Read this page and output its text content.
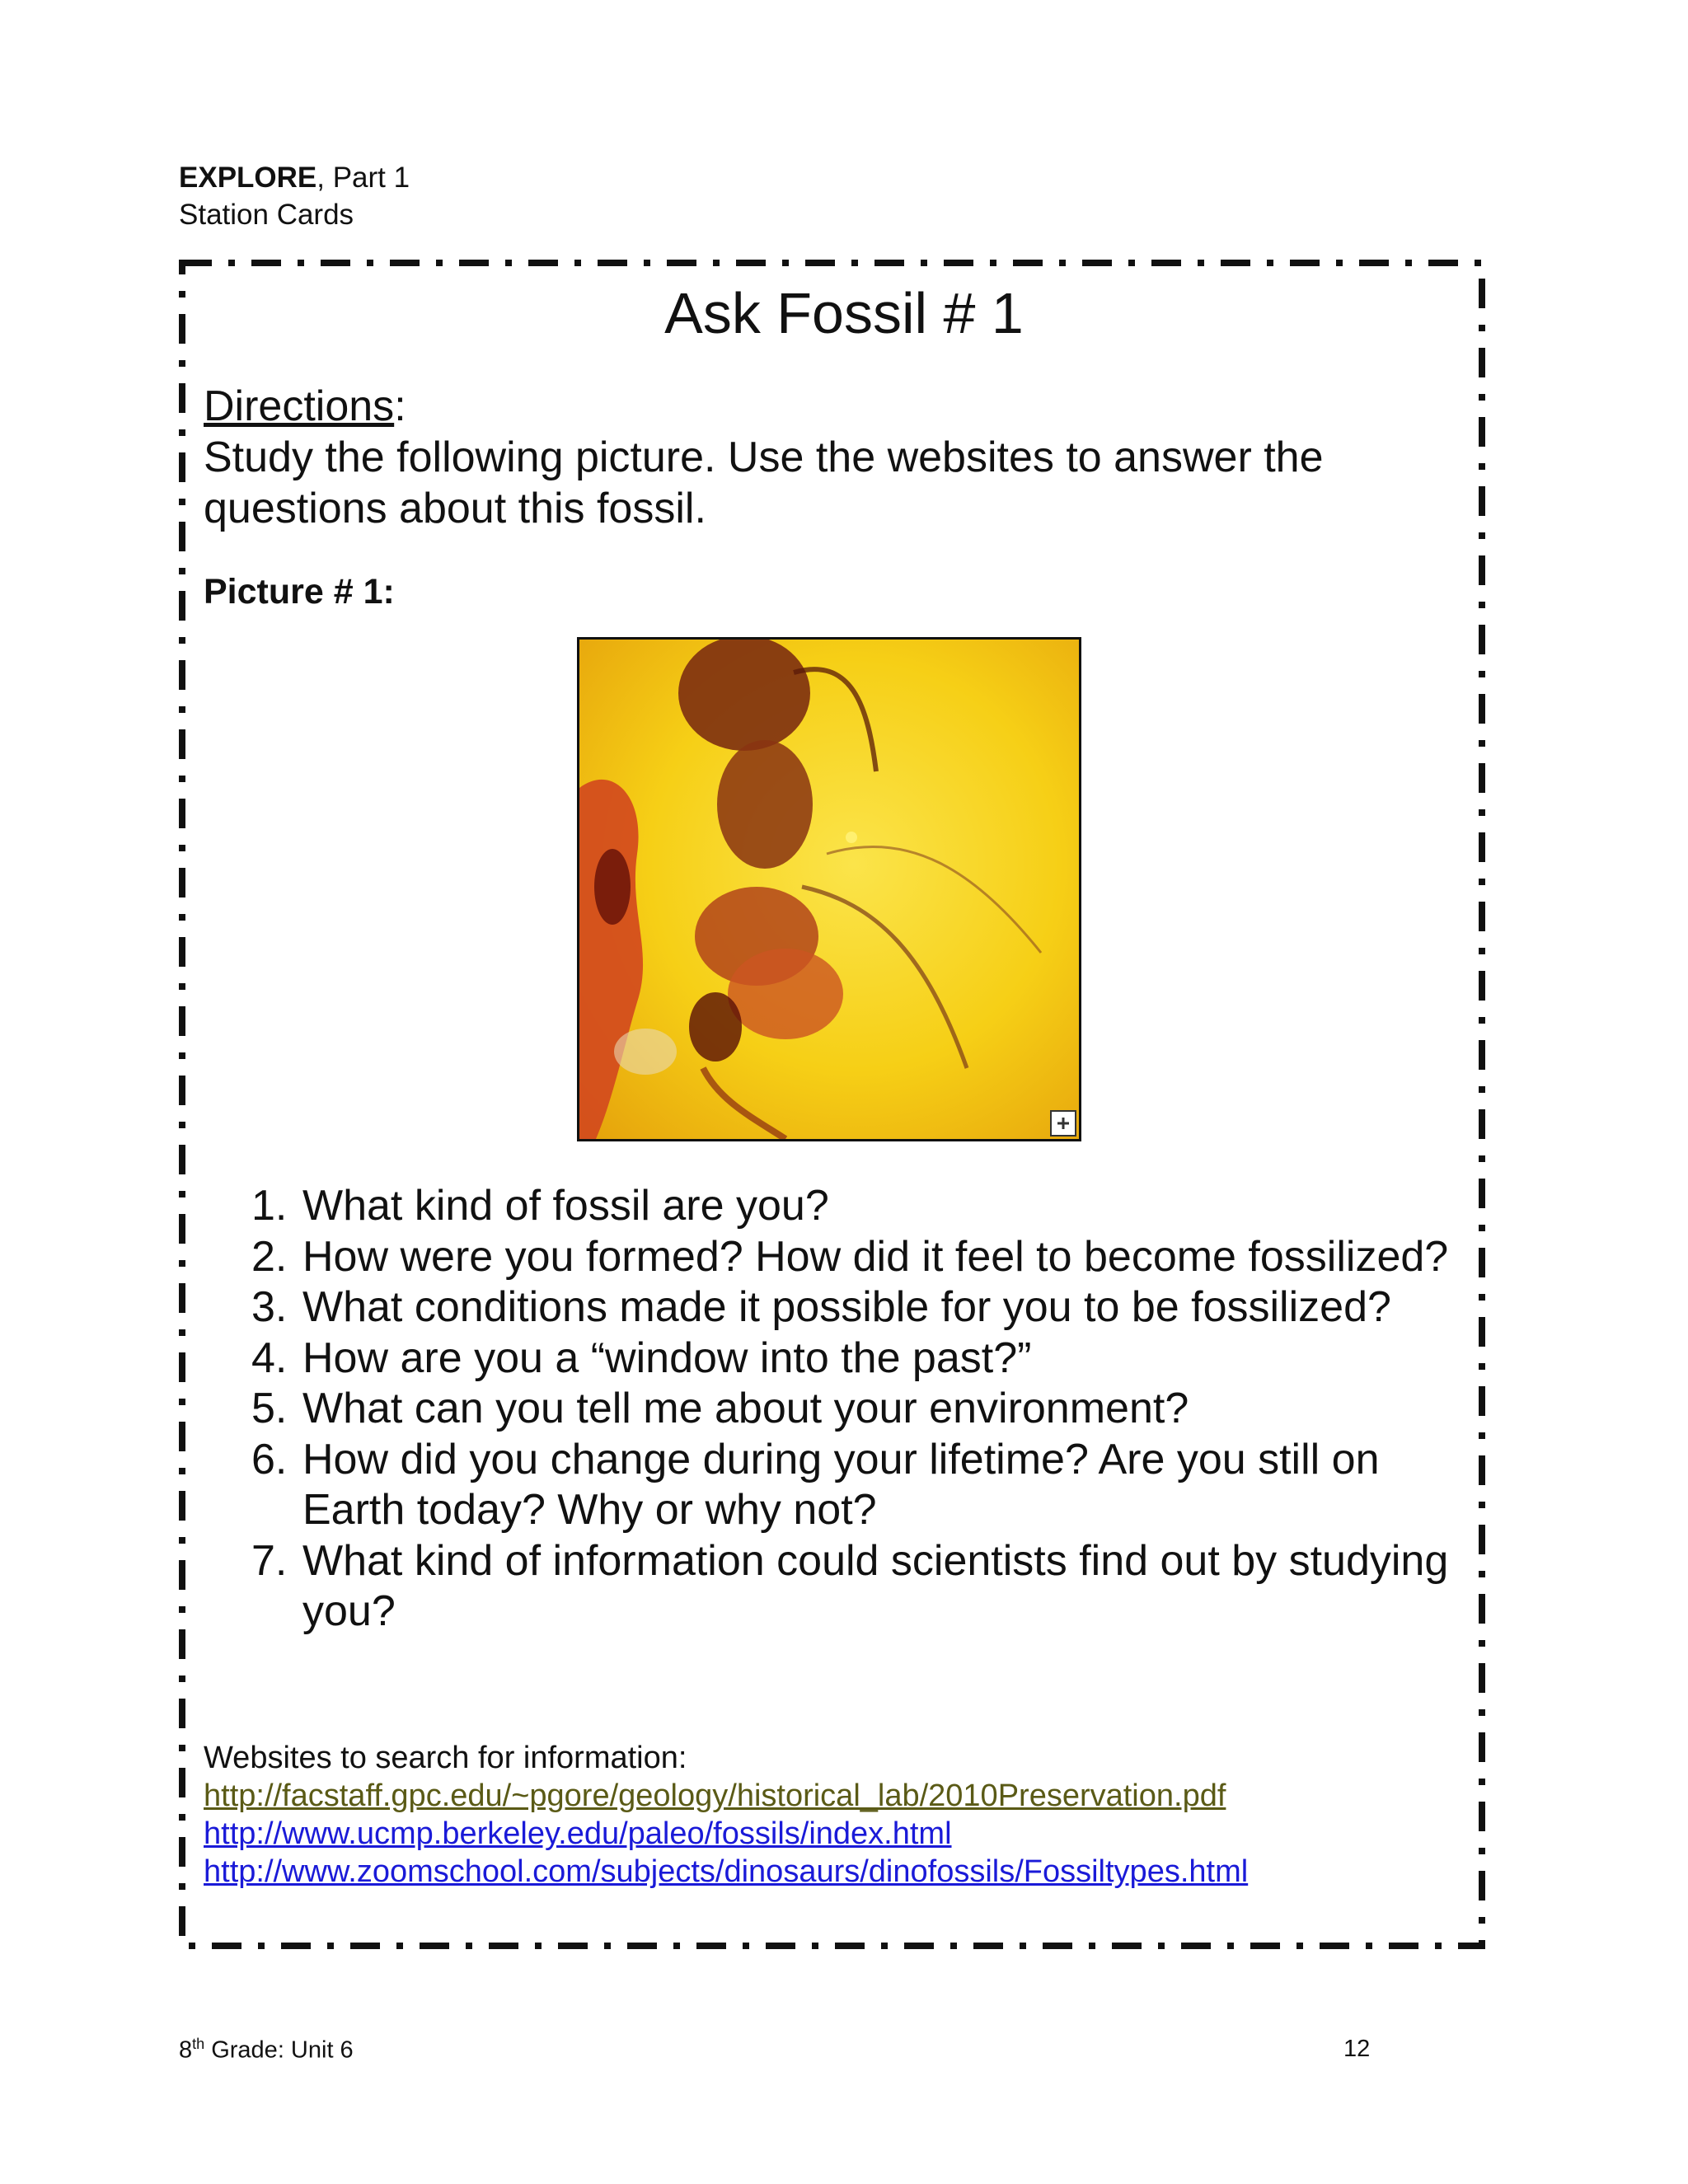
EXPLORE, Part 1
Station Cards
Ask Fossil # 1
Directions:
Study the following picture. Use the websites to answer the
questions about this fossil.
Picture # 1:
1. What kind of fossil are you?
2. How were you formed? How did it feel to become fossilized?
3. What conditions made it possible for you to be fossilized?
4. How are you a “window into the past?”
5. What can you tell me about your environment?
6. How did you change during your lifetime? Are you still on Earth today? Why or why not?
7. What kind of information could scientists find out by studying you?
Websites to search for information:
http://facstaff.gpc.edu/~pgore/geology/historical_lab/2010Preservation.pdf
http://www.ucmp.berkeley.edu/paleo/fossils/index.html
http://www.zoomschool.com/subjects/dinosaurs/dinofossils/Fossiltypes.html
8th Grade: Unit 6	12
